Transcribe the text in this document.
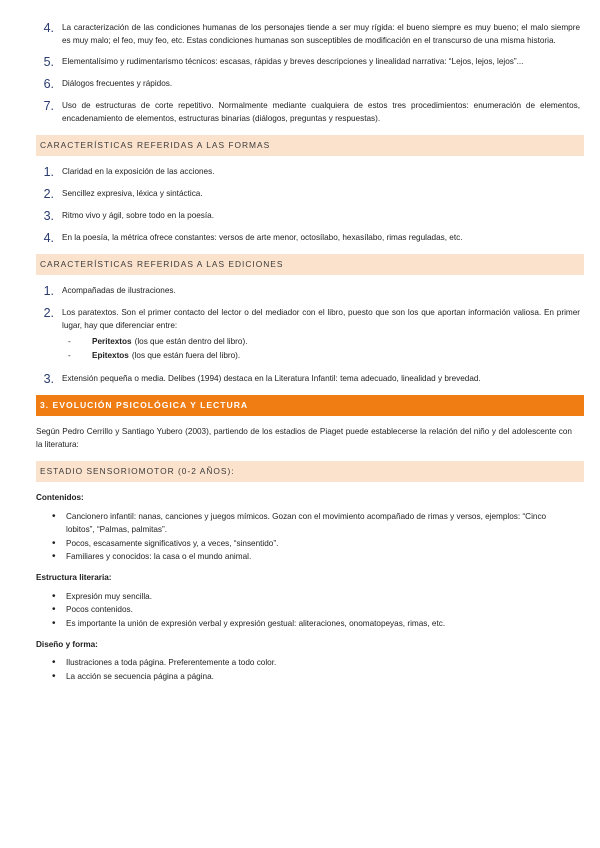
4. La caracterización de las condiciones humanas de los personajes tiende a ser muy rígida: el bueno siempre es muy bueno; el malo siempre es muy malo; el feo, muy feo, etc. Estas condiciones humanas son susceptibles de modificación en el transcurso de una misma historia.
5. Elementalísimo y rudimentarismo técnicos: escasas, rápidas y breves descripciones y linealidad narrativa: “Lejos, lejos, lejos”...
6. Diálogos frecuentes y rápidos.
7. Uso de estructuras de corte repetitivo. Normalmente mediante cualquiera de estos tres procedimientos: enumeración de elementos, encadenamiento de elementos, estructuras binarias (diálogos, preguntas y respuestas).
CARACTERÍSTICAS REFERIDAS A LAS FORMAS
1. Claridad en la exposición de las acciones.
2. Sencillez expresiva, léxica y sintáctica.
3. Ritmo vivo y ágil, sobre todo en la poesía.
4. En la poesía, la métrica ofrece constantes: versos de arte menor, octosílabo, hexasílabo, rimas reguladas, etc.
CARACTERÍSTICAS REFERIDAS A LAS EDICIONES
1. Acompañadas de ilustraciones.
2. Los paratextos. Son el primer contacto del lector o del mediador con el libro, puesto que son los que aportan información valiosa. En primer lugar, hay que diferenciar entre:
-	Peritextos (los que están dentro del libro).
-	Epitextos (los que están fuera del libro).
3. Extensión pequeña o media. Delibes (1994) destaca en la Literatura Infantil: tema adecuado, linealidad y brevedad.
3. EVOLUCIÓN PSICOLÓGICA Y LECTURA

Según Pedro Cerrillo y Santiago Yubero (2003), partiendo de los estadios de Piaget puede establecerse la relación del niño y del adolescente con la literatura:

ESTADIO SENSORIOMOTOR (0-2 AÑOS):
Contenidos:
•	Cancionero infantil: nanas, canciones y juegos mímicos. Gozan con el movimiento acompañado de rimas y versos, ejemplos: “Cinco lobitos”, “Palmas, palmitas”.
•	Pocos, escasamente significativos y, a veces, “sinsentido”.
•	Familiares y conocidos: la casa o el mundo animal.
Estructura literaria:
•	Expresión muy sencilla.
•	Pocos contenidos.
•	Es importante la unión de expresión verbal y expresión gestual: aliteraciones, onomatopeyas, rimas, etc.
Diseño y forma:
•	Ilustraciones a toda página. Preferentemente a todo color.
•	La acción se secuencia página a página.
